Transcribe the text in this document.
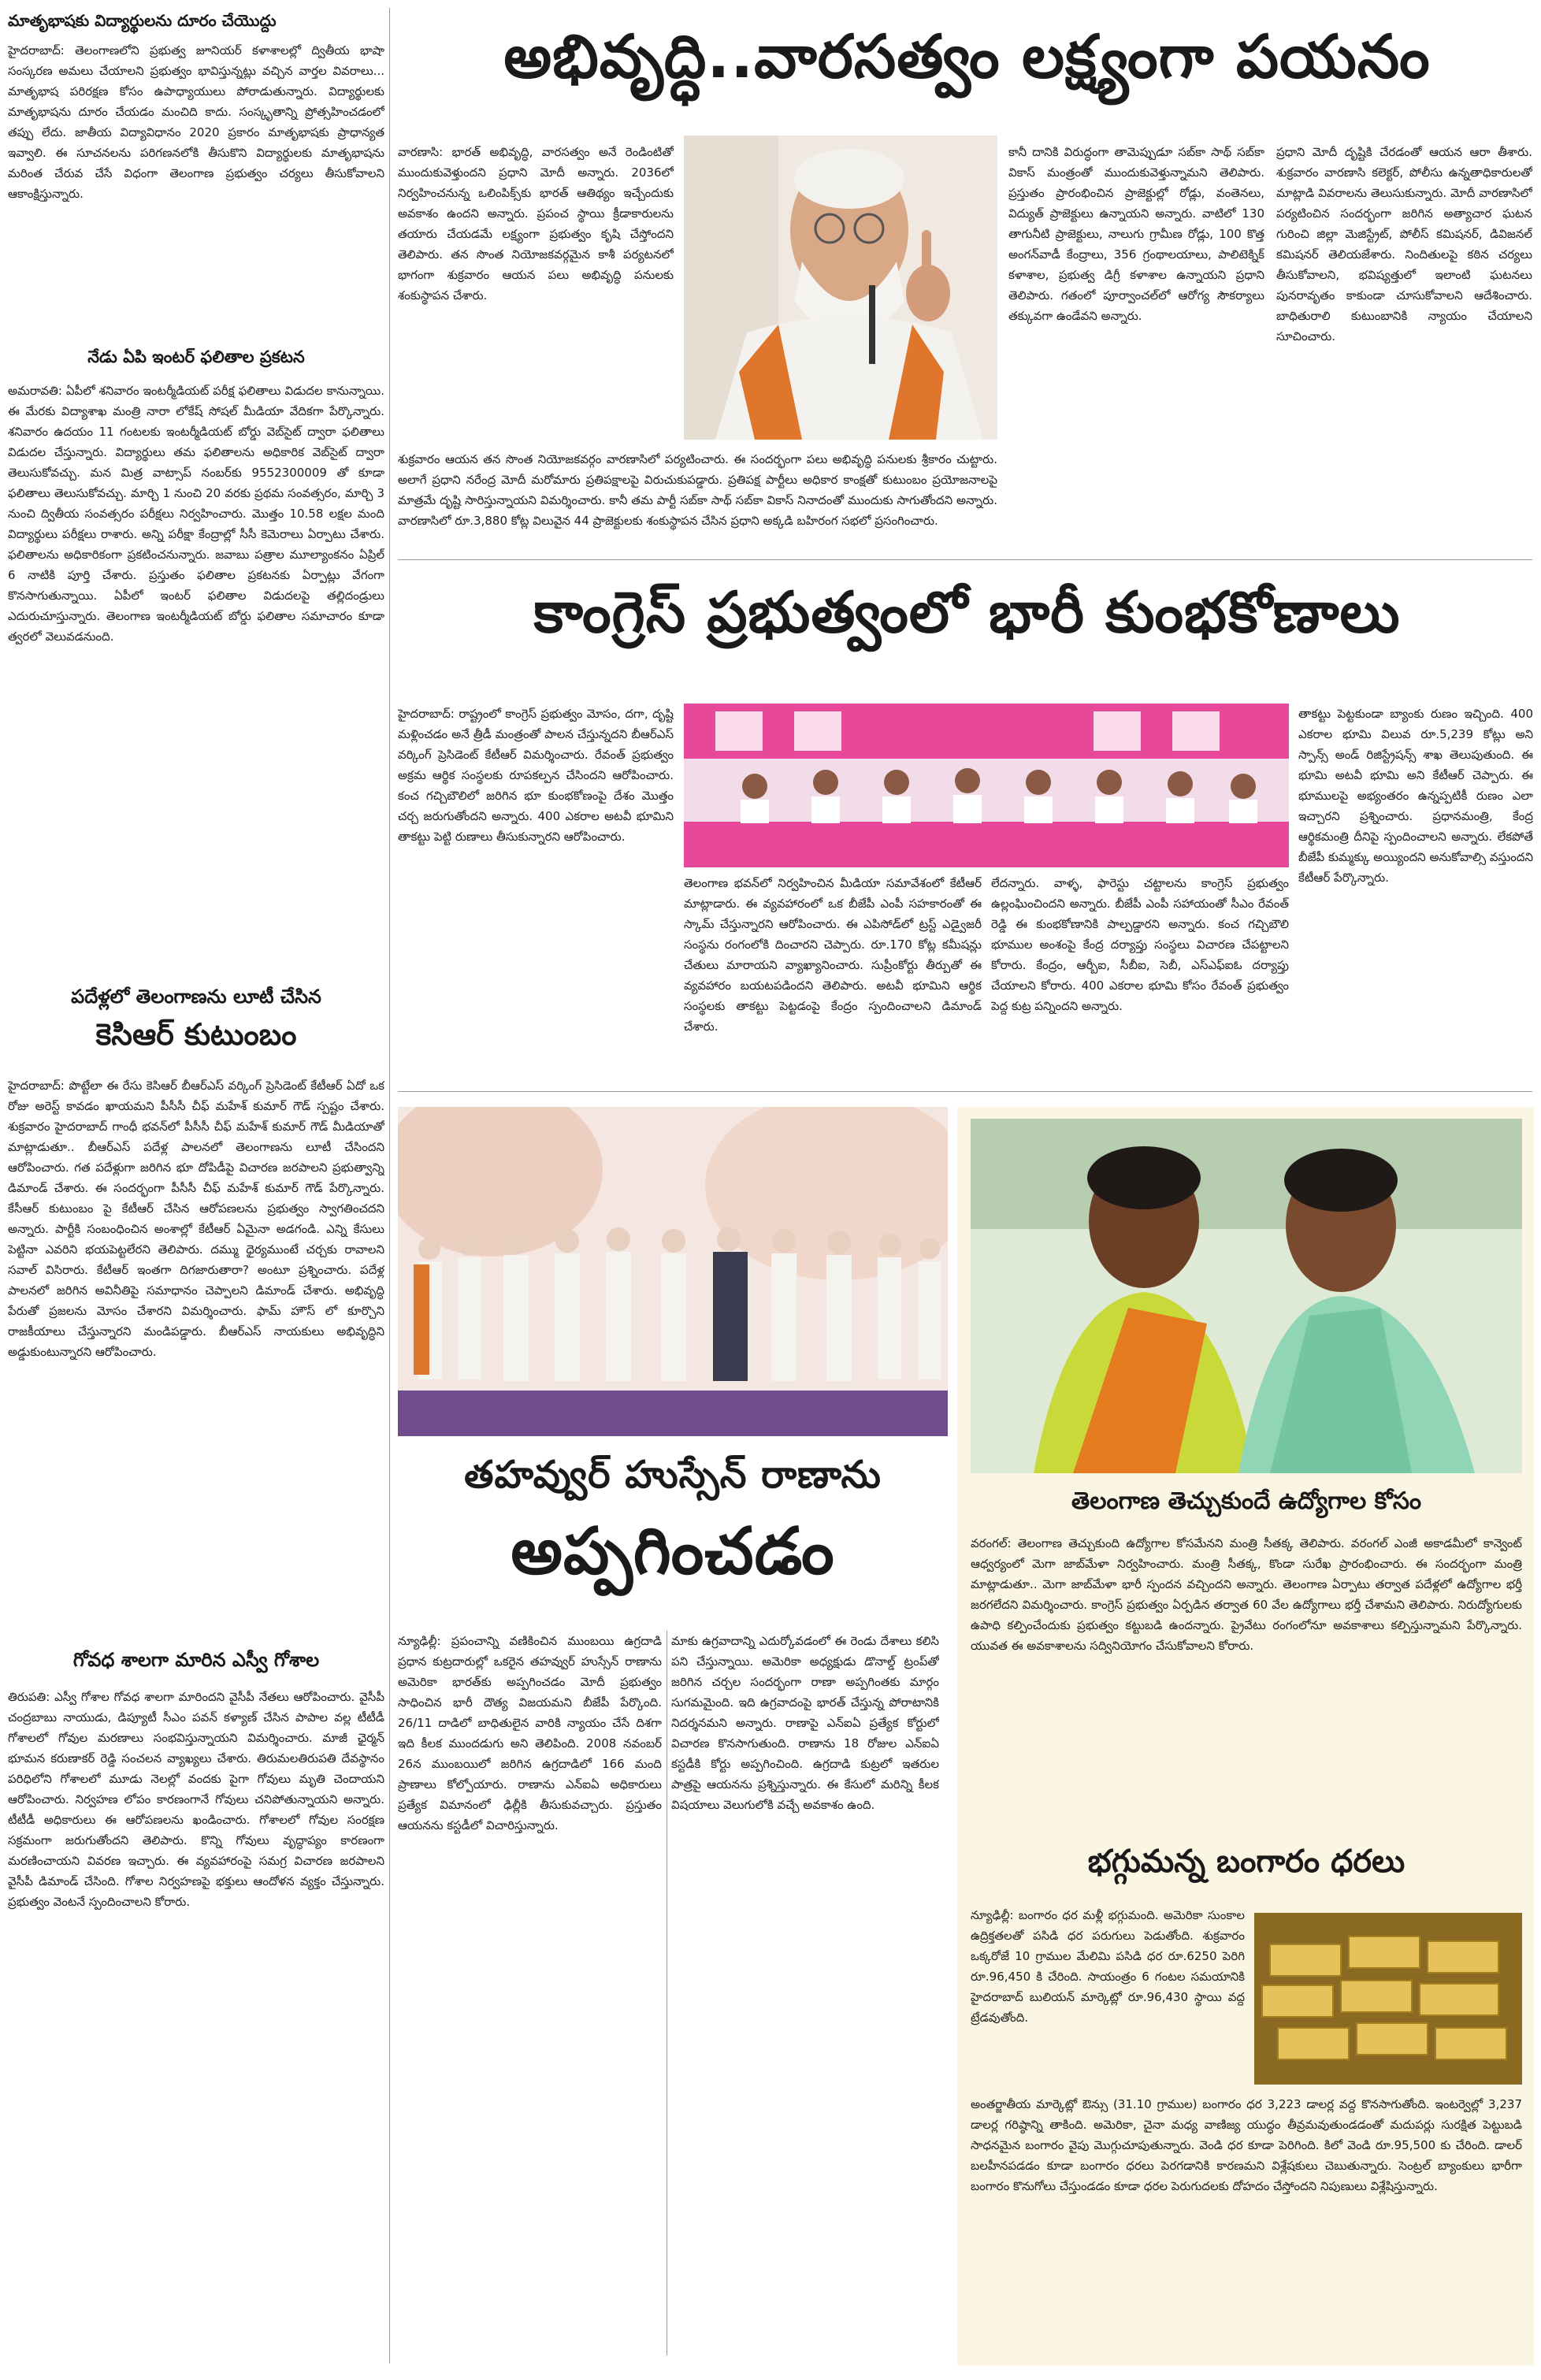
మాతృభాషకు విద్యార్థులను దూరం చేయొద్దు

హైదరాబాద్: తెలంగాణలోని ప్రభుత్వ జూనియర్ కళాశాలల్లో ద్వితీయ భాషా సంస్కరణ అమలు చేయాలని ప్రభుత్వం భావిస్తున్నట్లు వచ్చిన వార్తల వివరాలు... మాతృభాష పరిరక్షణ కోసం ఉపాధ్యాయులు పోరాడుతున్నారు. విద్యార్థులకు మాతృభాషను దూరం చేయడం మంచిది కాదు. సంస్కృతాన్ని ప్రోత్సహించడంలో తప్పు లేదు. జాతీయ విద్యావిధానం 2020 ప్రకారం మాతృభాషకు ప్రాధాన్యత ఇవ్వాలి. ఈ సూచనలను పరిగణనలోకి తీసుకొని విద్యార్థులకు మాతృభాషను మరింత చేరువ చేసే విధంగా తెలంగాణ ప్రభుత్వం చర్యలు తీసుకోవాలని ఆకాంక్షిస్తున్నారు.

నేడు ఏపి ఇంటర్ ఫలితాల ప్రకటన

అమరావతి: ఏపీలో శనివారం ఇంటర్మీడియట్ పరీక్ష ఫలితాలు విడుదల కానున్నాయి. ఈ మేరకు విద్యాశాఖ మంత్రి నారా లోకేష్ సోషల్ మీడియా వేదికగా పేర్కొన్నారు. శనివారం ఉదయం 11 గంటలకు ఇంటర్మీడియట్ బోర్డు వెబ్‌సైట్ ద్వారా ఫలితాలు విడుదల చేస్తున్నారు. విద్యార్థులు తమ ఫలితాలను అధికారిక వెబ్‌సైట్ ద్వారా తెలుసుకోవచ్చు. మన మిత్ర వాట్సాప్ నంబర్‌కు 9552300009 తో కూడా ఫలితాలు తెలుసుకోవచ్చు. మార్చి 1 నుంచి 20 వరకు ప్రథమ సంవత్సరం, మార్చి 3 నుంచి ద్వితీయ సంవత్సరం పరీక్షలు నిర్వహించారు. మొత్తం 10.58 లక్షల మంది విద్యార్థులు పరీక్షలు రాశారు. అన్ని పరీక్షా కేంద్రాల్లో సీసీ కెమెరాలు ఏర్పాటు చేశారు. ఫలితాలను అధికారికంగా ప్రకటించనున్నారు. జవాబు పత్రాల మూల్యాంకనం ఏప్రిల్ 6 నాటికి పూర్తి చేశారు. ప్రస్తుతం ఫలితాల ప్రకటనకు ఏర్పాట్లు వేగంగా కొనసాగుతున్నాయి. ఏపీలో ఇంటర్ ఫలితాల విడుదలపై తల్లిదండ్రులు ఎదురుచూస్తున్నారు. తెలంగాణ ఇంటర్మీడియట్ బోర్డు ఫలితాల సమాచారం కూడా త్వరలో వెలువడనుంది.

పదేళ్లలో తెలంగాణను లూటీ చేసిన

కెసిఆర్ కుటుంబం

హైదరాబాద్: పొట్టేలా ఈ రేసు కెసిఆర్ బీఆర్ఎస్ వర్కింగ్ ప్రెసిడెంట్ కేటీఆర్ ఏదో ఒక రోజు అరెస్ట్ కావడం ఖాయమని పీసీసీ చీఫ్ మహేశ్ కుమార్ గౌడ్ స్పష్టం చేశారు. శుక్రవారం హైదరాబాద్ గాంధీ భవన్‌లో పీసీసీ చీఫ్ మహేశ్ కుమార్ గౌడ్ మీడియాతో మాట్లాడుతూ.. బీఆర్ఎస్ పదేళ్ల పాలనలో తెలంగాణను లూటీ చేసిందని ఆరోపించారు. గత పదేళ్లుగా జరిగిన భూ దోపిడీపై విచారణ జరపాలని ప్రభుత్వాన్ని డిమాండ్ చేశారు. ఈ సందర్భంగా పీసీసీ చీఫ్ మహేశ్ కుమార్ గౌడ్ పేర్కొన్నారు. కేసీఆర్ కుటుంబం పై కేటీఆర్ చేసిన ఆరోపణలను ప్రభుత్వం స్వాగతించదని అన్నారు. పార్టీకి సంబంధించిన అంశాల్లో కేటీఆర్ ఏమైనా అడగండి. ఎన్ని కేసులు పెట్టినా ఎవరిని భయపెట్టలేరని తెలిపారు. దమ్ము ధైర్యముంటే చర్చకు రావాలని సవాల్ విసిరారు. కేటీఆర్ ఇంతగా దిగజారుతారా? అంటూ ప్రశ్నించారు. పదేళ్ల పాలనలో జరిగిన అవినీతిపై సమాధానం చెప్పాలని డిమాండ్ చేశారు. అభివృద్ధి పేరుతో ప్రజలను మోసం చేశారని విమర్శించారు. ఫామ్ హౌస్ లో కూర్చొని రాజకీయాలు చేస్తున్నారని మండిపడ్డారు. బీఆర్ఎస్ నాయకులు అభివృద్ధిని అడ్డుకుంటున్నారని ఆరోపించారు.

గోవధ శాలగా మారిన ఎస్వీ గోశాల

తిరుపతి: ఎస్వీ గోశాల గోవధ శాలగా మారిందని వైసీపీ నేతలు ఆరోపించారు. వైసీపీ చంద్రబాబు నాయుడు, డిప్యూటీ సీఎం పవన్ కళ్యాణ్ చేసిన పాపాల వల్ల టీటీడీ గోశాలలో గోవుల మరణాలు సంభవిస్తున్నాయని విమర్శించారు. మాజీ ఛైర్మన్ భూమన కరుణాకర్ రెడ్డి సంచలన వ్యాఖ్యలు చేశారు. తిరుమలతిరుపతి దేవస్థానం పరిధిలోని గోశాలలో మూడు నెలల్లో వందకు పైగా గోవులు మృతి చెందాయని ఆరోపించారు. నిర్వహణ లోపం కారణంగానే గోవులు చనిపోతున్నాయని అన్నారు. టీటీడీ అధికారులు ఈ ఆరోపణలను ఖండించారు. గోశాలలో గోవుల సంరక్షణ సక్రమంగా జరుగుతోందని తెలిపారు. కొన్ని గోవులు వృద్ధాప్యం కారణంగా మరణించాయని వివరణ ఇచ్చారు. ఈ వ్యవహారంపై సమగ్ర విచారణ జరపాలని వైసీపీ డిమాండ్ చేసింది. గోశాల నిర్వహణపై భక్తులు ఆందోళన వ్యక్తం చేస్తున్నారు. ప్రభుత్వం వెంటనే స్పందించాలని కోరారు.

అభివృద్ధి..వారసత్వం లక్ష్యంగా పయనం

వారణాసి: భారత్ అభివృద్ధి, వారసత్వం అనే రెండింటితో ముందుకువెళ్తుందని ప్రధాని మోదీ అన్నారు. 2036లో నిర్వహించనున్న ఒలింపిక్స్‌కు భారత్ ఆతిథ్యం ఇచ్చేందుకు అవకాశం ఉందని అన్నారు. ప్రపంచ స్థాయి క్రీడాకారులను తయారు చేయడమే లక్ష్యంగా ప్రభుత్వం కృషి చేస్తోందని తెలిపారు. తన సొంత నియోజకవర్గమైన కాశీ పర్యటనలో భాగంగా శుక్రవారం ఆయన పలు అభివృద్ధి పనులకు శంకుస్థాపన చేశారు.

శుక్రవారం ఆయన తన సొంత నియోజకవర్గం వారణాసిలో పర్యటించారు. ఈ సందర్భంగా పలు అభివృద్ధి పనులకు శ్రీకారం చుట్టారు. అలాగే ప్రధాని నరేంద్ర మోదీ మరోమారు ప్రతిపక్షాలపై విరుచుకుపడ్డారు. ప్రతిపక్ష పార్టీలు అధికార కాంక్షతో కుటుంబం ప్రయోజనాలపై మాత్రమే దృష్టి సారిస్తున్నాయని విమర్శించారు. కానీ తమ పార్టీ సబ్‌కా సాథ్ సబ్‌కా వికాస్ నినాదంతో ముందుకు సాగుతోందని అన్నారు. వారణాసిలో రూ.3,880 కోట్ల విలువైన 44 ప్రాజెక్టులకు శంకుస్థాపన చేసిన ప్రధాని అక్కడి బహిరంగ సభలో ప్రసంగించారు.

కానీ దానికి విరుద్ధంగా తామెప్పుడూ సబ్‌కా సాథ్ సబ్‌కా వికాస్ మంత్రంతో ముందుకువెళ్తున్నామని తెలిపారు. ప్రస్తుతం ప్రారంభించిన ప్రాజెక్టుల్లో రోడ్లు, వంతెనలు, విద్యుత్ ప్రాజెక్టులు ఉన్నాయని అన్నారు. వాటిలో 130 తాగునీటి ప్రాజెక్టులు, నాలుగు గ్రామీణ రోడ్లు, 100 కొత్త అంగన్‌వాడీ కేంద్రాలు, 356 గ్రంథాలయాలు, పాలిటెక్నిక్ కళాశాల, ప్రభుత్వ డిగ్రీ కళాశాల ఉన్నాయని ప్రధాని తెలిపారు. గతంలో పూర్వాంచల్‌లో ఆరోగ్య సౌకర్యాలు తక్కువగా ఉండేవని అన్నారు.

ప్రధాని మోదీ దృష్టికి చేరడంతో ఆయన ఆరా తీశారు. శుక్రవారం వారణాసి కలెక్టర్, పోలీసు ఉన్నతాధికారులతో మాట్లాడి వివరాలను తెలుసుకున్నారు. మోదీ వారణాసిలో పర్యటించిన సందర్భంగా జరిగిన అత్యాచార ఘటన గురించి జిల్లా మెజిస్ట్రేట్, పోలీస్ కమిషనర్, డివిజనల్ కమిషనర్ తెలియజేశారు. నిందితులపై కఠిన చర్యలు తీసుకోవాలని, భవిష్యత్తులో ఇలాంటి ఘటనలు పునరావృతం కాకుండా చూసుకోవాలని ఆదేశించారు. బాధితురాలి కుటుంబానికి న్యాయం చేయాలని సూచించారు.

కాంగ్రెస్ ప్రభుత్వంలో భారీ కుంభకోణాలు

హైదరాబాద్: రాష్ట్రంలో కాంగ్రెస్ ప్రభుత్వం మోసం, దగా, దృష్టి మళ్లించడం అనే త్రీడీ మంత్రంతో పాలన చేస్తున్నదని బీఆర్ఎస్ వర్కింగ్ ప్రెసిడెంట్ కేటీఆర్ విమర్శించారు. రేవంత్ ప్రభుత్వం అక్రమ ఆర్థిక సంస్థలకు రూపకల్పన చేసిందని ఆరోపించారు. కంచ గచ్చిబౌలిలో జరిగిన భూ కుంభకోణంపై దేశం మొత్తం చర్చ జరుగుతోందని అన్నారు. 400 ఎకరాల అటవీ భూమిని తాకట్టు పెట్టి రుణాలు తీసుకున్నారని ఆరోపించారు.

తెలంగాణ భవన్‌లో నిర్వహించిన మీడియా సమావేశంలో కేటీఆర్ మాట్లాడారు. ఈ వ్యవహారంలో ఒక బీజేపీ ఎంపీ సహకారంతో ఈ స్కామ్ చేస్తున్నారని ఆరోపించారు. ఈ ఎపిసోడ్‌లో ట్రస్ట్ ఎడ్వైజరీ సంస్థను రంగంలోకి దించారని చెప్పారు. రూ.170 కోట్ల కమీషన్లు చేతులు మారాయని వ్యాఖ్యానించారు. సుప్రీంకోర్టు తీర్పుతో ఈ వ్యవహారం బయటపడిందని తెలిపారు. అటవీ భూమిని ఆర్థిక సంస్థలకు తాకట్టు పెట్టడంపై కేంద్రం స్పందించాలని డిమాండ్ చేశారు.

లేదన్నారు. వాళ్ళ, ఫారెస్టు చట్టాలను కాంగ్రెస్ ప్రభుత్వం ఉల్లంఘించిందని అన్నారు. బీజేపీ ఎంపీ సహాయంతో సీఎం రేవంత్ రెడ్డి ఈ కుంభకోణానికి పాల్పడ్డారని అన్నారు. కంచ గచ్చిబౌలి భూముల అంశంపై కేంద్ర దర్యాప్తు సంస్థలు విచారణ చేపట్టాలని కోరారు. కేంద్రం, ఆర్బీఐ, సీబీఐ, సెబీ, ఎస్ఎఫ్ఐఓ దర్యాప్తు చేయాలని కోరారు. 400 ఎకరాల భూమి కోసం రేవంత్ ప్రభుత్వం పెద్ద కుట్ర పన్నిందని అన్నారు.

తాకట్టు పెట్టకుండా బ్యాంకు రుణం ఇచ్చింది. 400 ఎకరాల భూమి విలువ రూ.5,239 కోట్లు అని స్పాన్స్ అండ్ రిజిస్ట్రేషన్స్ శాఖ తెలుపుతుంది. ఈ భూమి అటవీ భూమి అని కేటీఆర్ చెప్పారు. ఈ భూములపై అభ్యంతరం ఉన్నప్పటికీ రుణం ఎలా ఇచ్చారని ప్రశ్నించారు. ప్రధానమంత్రి, కేంద్ర ఆర్థికమంత్రి దీనిపై స్పందించాలని అన్నారు. లేకపోతే బీజేపీ కుమ్మక్కు అయ్యిందని అనుకోవాల్సి వస్తుందని కేటీఆర్ పేర్కొన్నారు.

తహవ్వుర్ హుస్సేన్ రాణాను

అప్పగించడం

న్యూఢిల్లీ: ప్రపంచాన్ని వణికించిన ముంబయి ఉగ్రదాడి ప్రధాన కుట్రదారుల్లో ఒకరైన తహవ్వుర్ హుస్సేన్ రాణాను అమెరికా భారత్‌కు అప్పగించడం మోదీ ప్రభుత్వం సాధించిన భారీ దౌత్య విజయమని బీజేపీ పేర్కొంది. 26/11 దాడిలో బాధితులైన వారికి న్యాయం చేసే దిశగా ఇది కీలక ముందడుగు అని తెలిపింది. 2008 నవంబర్ 26న ముంబయిలో జరిగిన ఉగ్రదాడిలో 166 మంది ప్రాణాలు కోల్పోయారు. రాణాను ఎన్ఐఏ అధికారులు ప్రత్యేక విమానంలో ఢిల్లీకి తీసుకువచ్చారు. ప్రస్తుతం ఆయనను కస్టడీలో విచారిస్తున్నారు.

మాకు ఉగ్రవాదాన్ని ఎదుర్కోవడంలో ఈ రెండు దేశాలు కలిసి పని చేస్తున్నాయి. అమెరికా అధ్యక్షుడు డొనాల్డ్ ట్రంప్‌తో జరిగిన చర్చల సందర్భంగా రాణా అప్పగింతకు మార్గం సుగమమైంది. ఇది ఉగ్రవాదంపై భారత్ చేస్తున్న పోరాటానికి నిదర్శనమని అన్నారు. రాణాపై ఎన్ఐఏ ప్రత్యేక కోర్టులో విచారణ కొనసాగుతుంది. రాణాను 18 రోజుల ఎన్ఐఏ కస్టడీకి కోర్టు అప్పగించింది. ఉగ్రదాడి కుట్రలో ఇతరుల పాత్రపై ఆయనను ప్రశ్నిస్తున్నారు. ఈ కేసులో మరిన్ని కీలక విషయాలు వెలుగులోకి వచ్చే అవకాశం ఉంది.

తెలంగాణ తెచ్చుకుందే ఉద్యోగాల కోసం

వరంగల్: తెలంగాణ తెచ్చుకుంది ఉద్యోగాల కోసమేనని మంత్రి సీతక్క తెలిపారు. వరంగల్ ఎంజీ అకాడమీలో కాన్వెంట్ ఆధ్వర్యంలో మెగా జాబ్‌మేళా నిర్వహించారు. మంత్రి సీతక్క, కొండా సురేఖ ప్రారంభించారు. ఈ సందర్భంగా మంత్రి మాట్లాడుతూ.. మెగా జాబ్‌మేళా భారీ స్పందన వచ్చిందని అన్నారు. తెలంగాణ ఏర్పాటు తర్వాత పదేళ్లలో ఉద్యోగాల భర్తీ జరగలేదని విమర్శించారు. కాంగ్రెస్ ప్రభుత్వం ఏర్పడిన తర్వాత 60 వేల ఉద్యోగాలు భర్తీ చేశామని తెలిపారు. నిరుద్యోగులకు ఉపాధి కల్పించేందుకు ప్రభుత్వం కట్టుబడి ఉందన్నారు. ప్రైవేటు రంగంలోనూ అవకాశాలు కల్పిస్తున్నామని పేర్కొన్నారు. యువత ఈ అవకాశాలను సద్వినియోగం చేసుకోవాలని కోరారు.

భగ్గుమన్న బంగారం ధరలు

న్యూఢిల్లీ: బంగారం ధర మళ్లీ భగ్గుమంది. అమెరికా సుంకాల ఉద్రిక్తతలతో పసిడి ధర పరుగులు పెడుతోంది. శుక్రవారం ఒక్కరోజే 10 గ్రాముల మేలిమి పసిడి ధర రూ.6250 పెరిగి రూ.96,450 కి చేరింది. సాయంత్రం 6 గంటల సమయానికి హైదరాబాద్ బులియన్ మార్కెట్లో రూ.96,430 స్థాయి వద్ద ట్రేడవుతోంది.

అంతర్జాతీయ మార్కెట్లో ఔన్సు (31.10 గ్రాముల) బంగారం ధర 3,223 డాలర్ల వద్ద కొనసాగుతోంది. ఇంటర్వెల్లో 3,237 డాలర్ల గరిష్ఠాన్ని తాకింది. అమెరికా, చైనా మధ్య వాణిజ్య యుద్ధం తీవ్రమవుతుండడంతో మదుపర్లు సురక్షిత పెట్టుబడి సాధనమైన బంగారం వైపు మొగ్గుచూపుతున్నారు. వెండి ధర కూడా పెరిగింది. కిలో వెండి రూ.95,500 కు చేరింది. డాలర్ బలహీనపడడం కూడా బంగారం ధరలు పెరగడానికి కారణమని విశ్లేషకులు చెబుతున్నారు. సెంట్రల్ బ్యాంకులు భారీగా బంగారం కొనుగోలు చేస్తుండడం కూడా ధరల పెరుగుదలకు దోహదం చేస్తోందని నిపుణులు విశ్లేషిస్తున్నారు.
